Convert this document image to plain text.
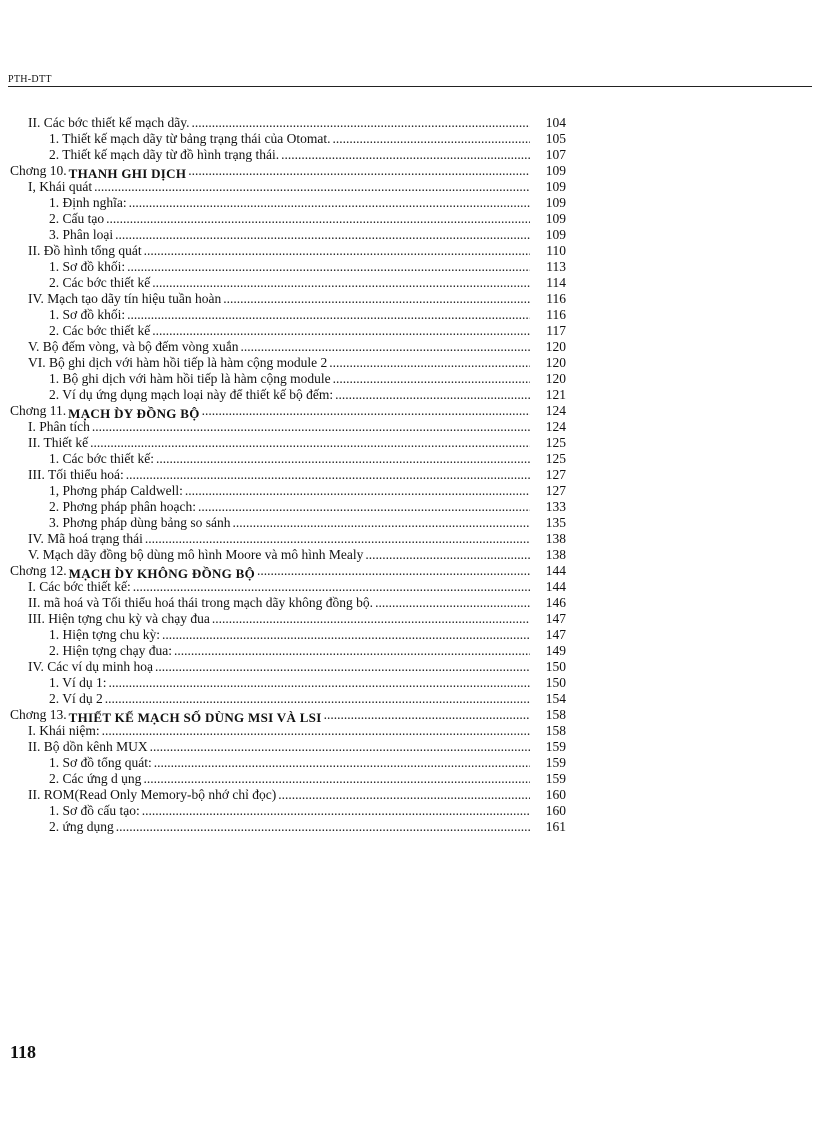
PTH-DTT
II. Các bớc thiết kế mạch dãy. .....	104
1. Thiết kế mạch dãy từ bảng trạng thái của Otomat. .....	105
2. Thiết kế mạch dãy từ đồ hình trạng thái. .....	107
Chơng 10. THANH GHI DỊCH .....	109
I, Khái quát .....	109
1. Định nghĩa: .....	109
2. Cấu tạo .....	109
3. Phân loại .....	109
II. Đồ hình tổng quát .....	110
1. Sơ đồ khối: .....	113
2. Các bớc thiết kế .....	114
IV. Mạch tạo dãy tín hiệu tuần hoàn .....	116
1. Sơ đồ khối: .....	116
2. Các bớc thiết kế .....	117
V. Bộ đếm vòng, và bộ đếm vòng xuắn .....	120
VI. Bộ ghi dịch với hàm hồi tiếp là hàm cộng module 2 .....	120
1. Bộ ghi dịch với hàm hồi tiếp là hàm cộng module .....	120
2. Ví dụ ứng dụng mạch loại này để thiết kế bộ đếm: .....	121
Chơng 11. MẠCH D̀Y ĐỒNG BỘ .....	124
I. Phân tích .....	124
II. Thiết kế .....	125
1. Các bớc thiết kế: .....	125
III. Tối thiểu hoá: .....	127
1, Phơng pháp Caldwell: .....	127
2. Phơng pháp phân hoạch: .....	133
3. Phơng pháp dùng bảng so sánh .....	135
IV. Mã hoá trạng thái .....	138
V. Mạch dãy đồng bộ dùng mô hình Moore và mô hình Mealy .....	138
Chơng 12. MẠCH D̀Y KHÔNG ĐỒNG BỘ .....	144
I. Các bớc thiết kế: .....	144
II. mã hoá và Tối thiểu hoá thái trong mạch dãy không đồng bộ. .....	146
III. Hiện tợng chu kỳ và chạy đua .....	147
1. Hiện tợng chu kỳ: .....	147
2. Hiện tợng chạy đua: .....	149
IV. Các ví dụ minh hoạ .....	150
1. Ví dụ 1: .....	150
2. Ví dụ 2 .....	154
Chơng 13. THIẾT KẾ MẠCH SỐ DÙNG MSI VÀ LSI .....	158
I. Khái niệm: .....	158
II. Bộ dồn kênh MUX .....	159
1. Sơ đồ tổng quát: .....	159
2. Các ứng d ụng .....	159
II. ROM(Read Only Memory-bộ nhớ chỉ đọc) .....	160
1. Sơ đồ cấu tạo: .....	160
2. ứng dụng .....	161
118
